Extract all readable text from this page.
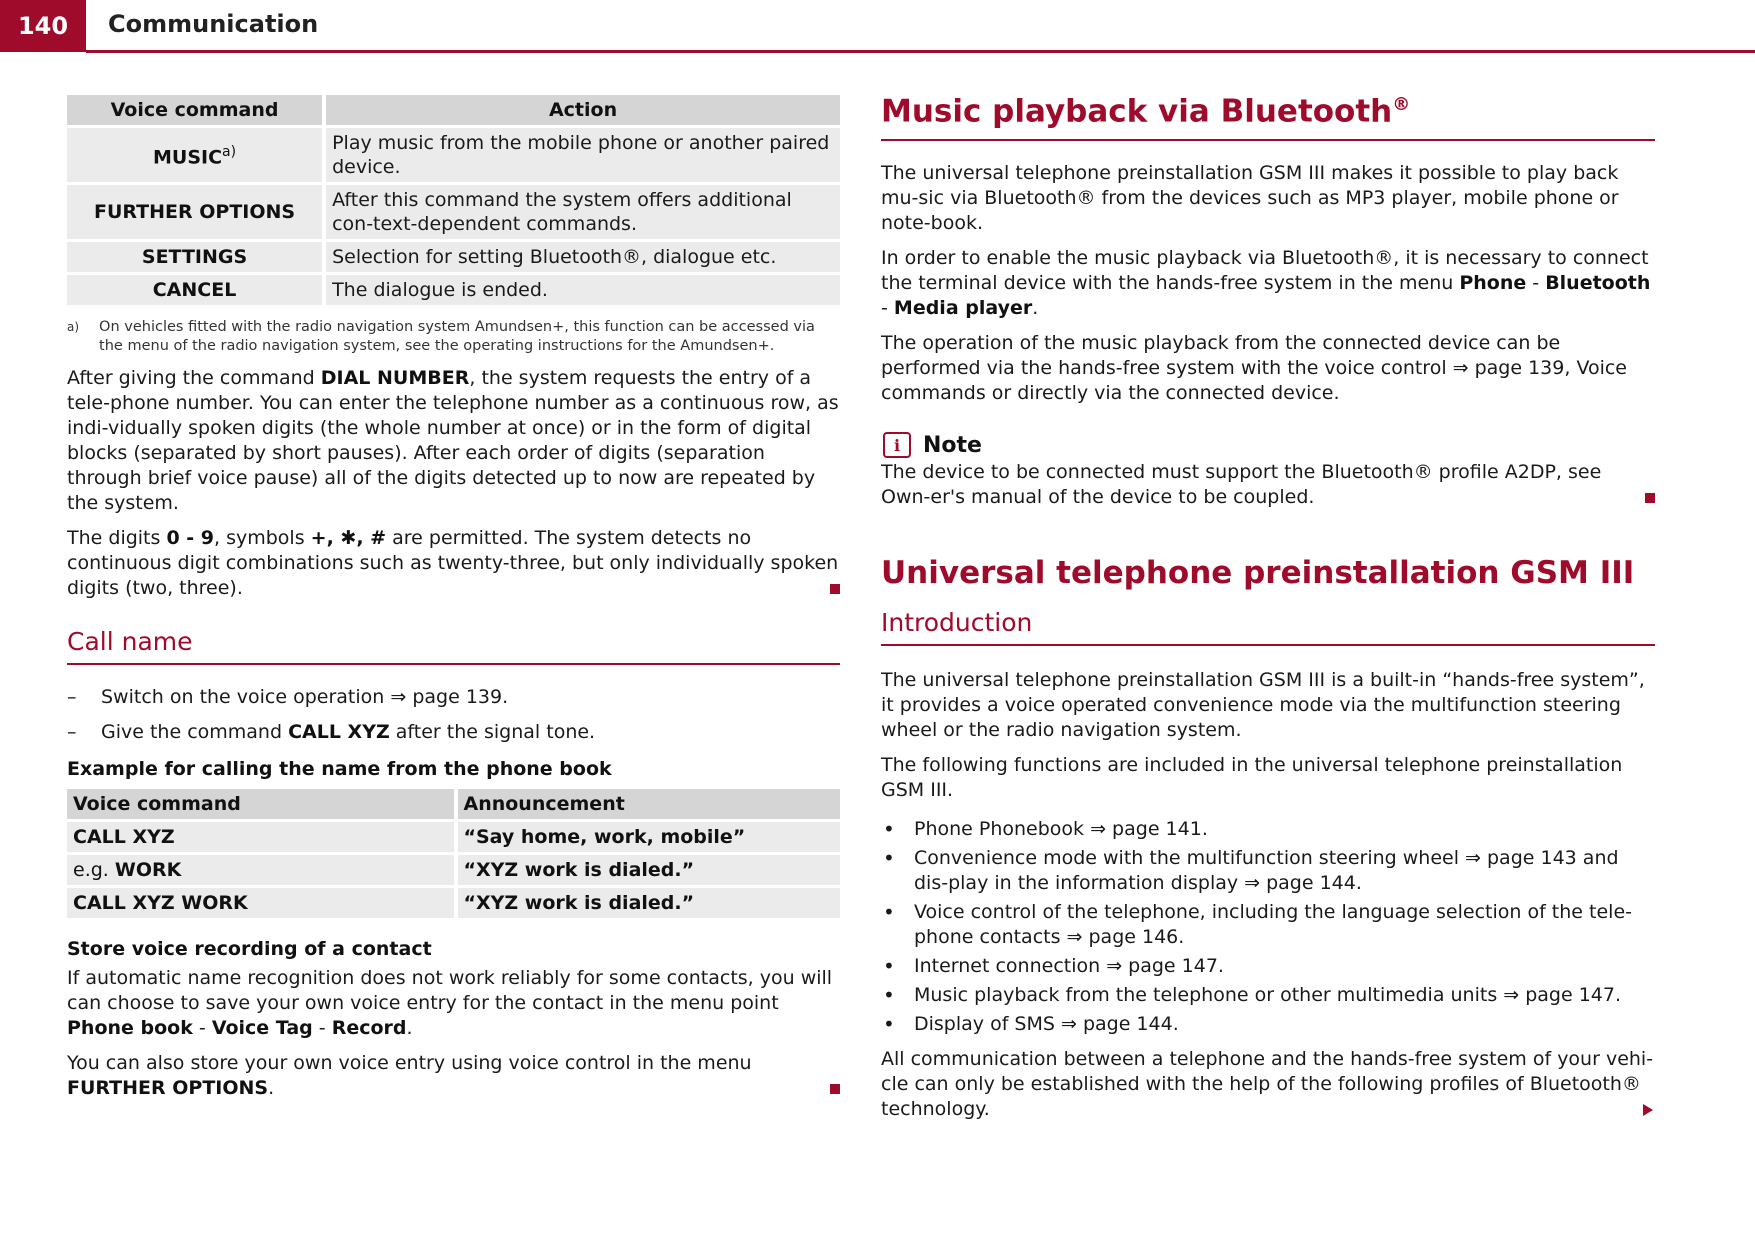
140	Communication
Voice command		Action
MUSIC$^{a)}$		Play music from the mobile phone or another paired device.
FURTHER OPTIONS		After this command the system offers additional con-text-dependent commands.
SETTINGS		Selection for setting Bluetooth®, dialogue etc.
CANCEL		The dialogue is ended.
a) On vehicles fitted with the radio navigation system Amundsen+, this function can be accessed via the menu of the radio navigation system, see the operating instructions for the Amundsen+.

After giving the command DIAL NUMBER, the system requests the entry of a tele-phone number. You can enter the telephone number as a continuous row, as indi-vidually spoken digits (the whole number at once) or in the form of digital blocks (separated by short pauses). After each order of digits (separation through brief voice pause) all of the digits detected up to now are repeated by the system.

The digits 0 - 9, symbols +, ✱, # are permitted. The system detects no continuous digit combinations such as twenty-three, but only individually spoken digits (two, three).

Call name
– Switch on the voice operation ⇒ page 139.
– Give the command CALL XYZ after the signal tone.
Example for calling the name from the phone book
Voice command		Announcement
CALL XYZ		“Say home, work, mobile”
e.g. WORK		“XYZ work is dialed.”
CALL XYZ WORK		“XYZ work is dialed.”
Store voice recording of a contact

If automatic name recognition does not work reliably for some contacts, you will can choose to save your own voice entry for the contact in the menu point Phone book - Voice Tag - Record.

You can also store your own voice entry using voice control in the menu FURTHER OPTIONS.

Music playback via Bluetooth®

The universal telephone preinstallation GSM III makes it possible to play back mu-sic via Bluetooth® from the devices such as MP3 player, mobile phone or note-book.

In order to enable the music playback via Bluetooth®, it is necessary to connect the terminal device with the hands-free system in the menu Phone - Bluetooth - Media player.

The operation of the music playback from the connected device can be performed via the hands-free system with the voice control ⇒ page 139, Voice commands or directly via the connected device.

i	Note

The device to be connected must support the Bluetooth® profile A2DP, see Own-er's manual of the device to be coupled.

Universal telephone preinstallation GSM III
Introduction

The universal telephone preinstallation GSM III is a built-in “hands-free system”, it provides a voice operated convenience mode via the multifunction steering wheel or the radio navigation system.

The following functions are included in the universal telephone preinstallation GSM III.

• Phone Phonebook ⇒ page 141.
• Convenience mode with the multifunction steering wheel ⇒ page 143 and dis-play in the information display ⇒ page 144.
• Voice control of the telephone, including the language selection of the tele-phone contacts ⇒ page 146.
• Internet connection ⇒ page 147.
• Music playback from the telephone or other multimedia units ⇒ page 147.
• Display of SMS ⇒ page 144.

All communication between a telephone and the hands-free system of your vehi-cle can only be established with the help of the following profiles of Bluetooth® technology.
